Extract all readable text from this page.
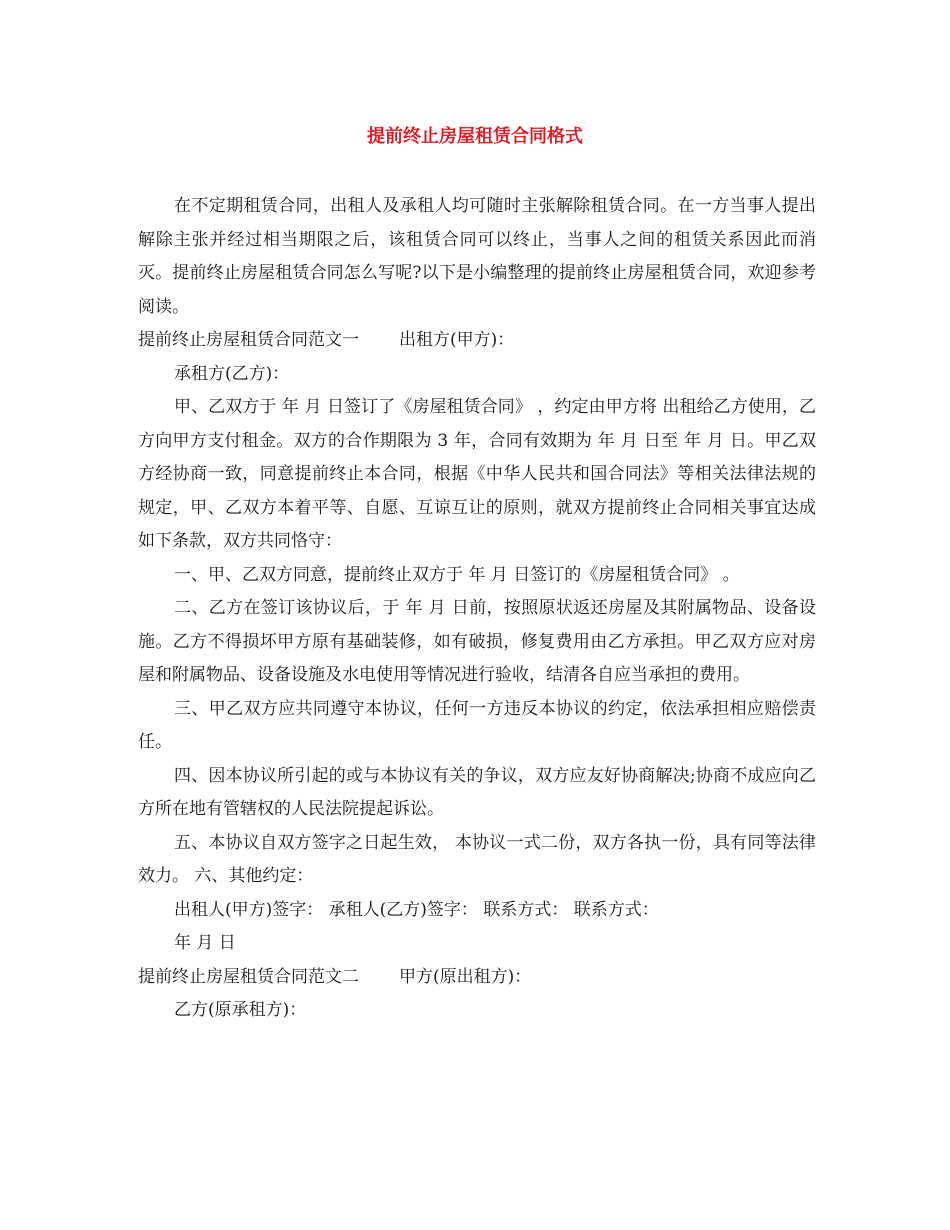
提前终止房屋租赁合同格式

在不定期租赁合同，出租人及承租人均可随时主张解除租赁合同。在一方当事人提出解除主张并经过相当期限之后，该租赁合同可以终止，当事人之间的租赁关系因此而消灭。提前终止房屋租赁合同怎么写呢?以下是小编整理的提前终止房屋租赁合同，欢迎参考阅读。

提前终止房屋租赁合同范文一 出租方(甲方)：

承租方(乙方)：

甲、乙双方于 年 月 日签订了《房屋租赁合同》 ，约定由甲方将 出租给乙方使用，乙方向甲方支付租金。双方的合作期限为 3 年，合同有效期为 年 月 日至 年 月 日。甲乙双方经协商一致，同意提前终止本合同，根据《中华人民共和国合同法》等相关法律法规的规定，甲、乙双方本着平等、自愿、互谅互让的原则，就双方提前终止合同相关事宜达成如下条款，双方共同恪守：

一、甲、乙双方同意，提前终止双方于 年 月 日签订的《房屋租赁合同》 。

二、乙方在签订该协议后，于 年 月 日前，按照原状返还房屋及其附属物品、设备设施。乙方不得损坏甲方原有基础装修，如有破损，修复费用由乙方承担。甲乙双方应对房屋和附属物品、设备设施及水电使用等情况进行验收，结清各自应当承担的费用。

三、甲乙双方应共同遵守本协议，任何一方违反本协议的约定，依法承担相应赔偿责任。

四、因本协议所引起的或与本协议有关的争议，双方应友好协商解决;协商不成应向乙方所在地有管辖权的人民法院提起诉讼。

五、本协议自双方签字之日起生效， 本协议一式二份，双方各执一份，具有同等法律效力。 六、其他约定：

出租人(甲方)签字： 承租人(乙方)签字： 联系方式： 联系方式：

年 月 日

提前终止房屋租赁合同范文二 甲方(原出租方)：

乙方(原承租方)：
